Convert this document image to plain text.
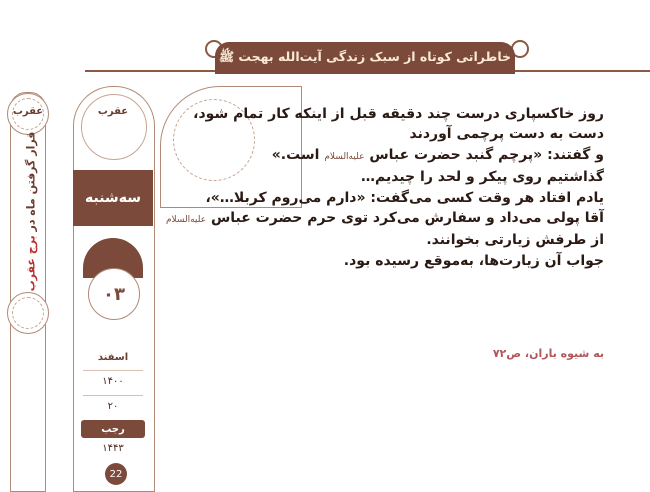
خاطراتی کوتاه از سبک زندگی آیت‌الله بهجت ﷺ
عقرب
قرار گرفتن ماه در برج عقرب
عقرب
سه‌شنبه
۰۳
اسفند
۱۴۰۰
۲۰
رجب
۱۴۴۳
22
روز خاکسپاری درست چند دقیقه قبل از اینکه کار تمام شود،
دست به دست پرچمی آوردند
و گفتند: «پرچم گنبد حضرت عباس علیه‌السلام است.»
گذاشتیم روی پیکر و لحد را چیدیم…
یادم افتاد هر وقت کسی می‌گفت: «دارم می‌روم کربلا…»،
آقا پولی می‌داد و سفارش می‌کرد توی حرم حضرت عباس علیه‌السلام
از طرفش زیارتی بخوانند.
جواب آن زیارت‌ها، به‌موقع رسیده بود.
به شیوه باران، ص۷۲
